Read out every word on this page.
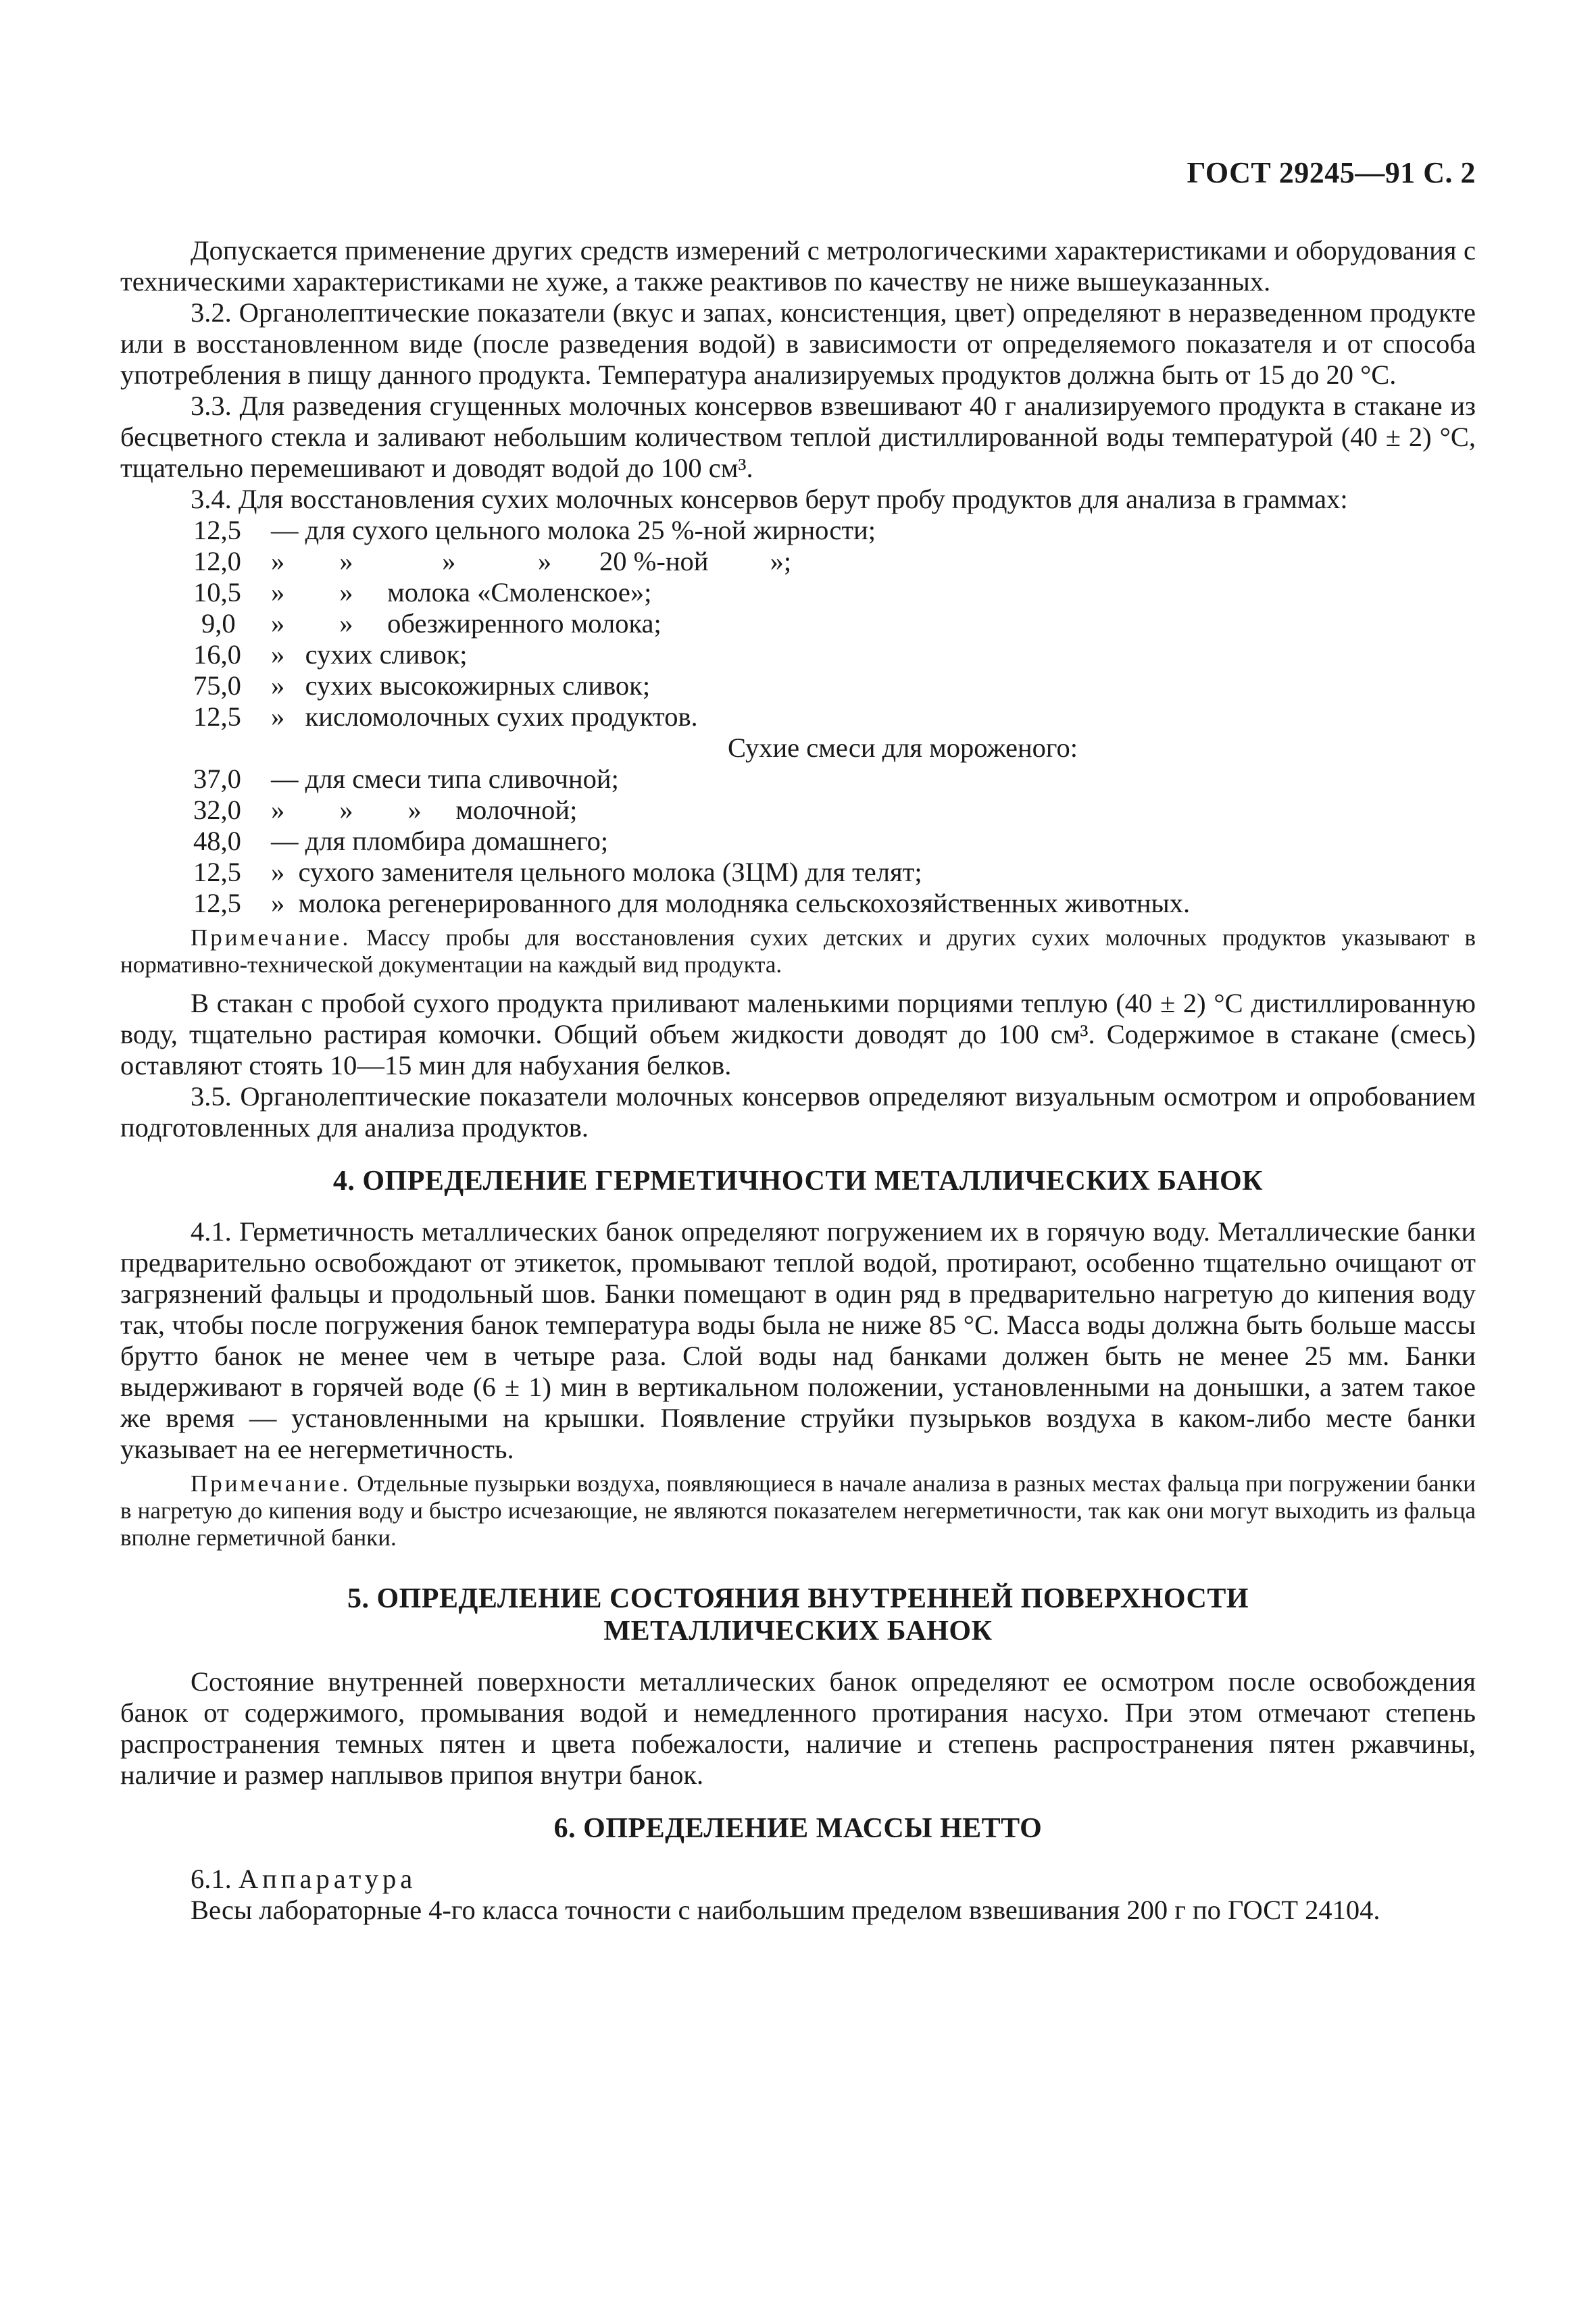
ГОСТ 29245—91 С. 2

Допускается применение других средств измерений с метрологическими характеристиками и оборудования с техническими характеристиками не хуже, а также реактивов по качеству не ниже вышеуказанных.

3.2. Органолептические показатели (вкус и запах, консистенция, цвет) определяют в неразведенном продукте или в восстановленном виде (после разведения водой) в зависимости от определяемого показателя и от способа употребления в пищу данного продукта. Температура анализируемых продуктов должна быть от 15 до 20 °С.

3.3. Для разведения сгущенных молочных консервов взвешивают 40 г анализируемого продукта в стакане из бесцветного стекла и заливают небольшим количеством теплой дистиллированной воды температурой (40 ± 2) °С, тщательно перемешивают и доводят водой до 100 см³.

3.4. Для восстановления сухих молочных консервов берут пробу продуктов для анализа в граммах:

12,5	— для сухого цельного молока 25 %-ной жирности;
12,0	»        »             »            »       20 %-ной         »;
10,5	»        »     молока «Смоленское»;
9,0	»        »     обезжиренного молока;
16,0	»   сухих сливок;
75,0	»   сухих высокожирных сливок;
12,5	»   кисломолочных сухих продуктов.
Сухие смеси для мороженого:
37,0	— для смеси типа сливочной;
32,0	»        »        »     молочной;
48,0	— для пломбира домашнего;
12,5	»  сухого заменителя цельного молока (ЗЦМ) для телят;
12,5	»  молока регенерированного для молодняка сельскохозяйственных животных.
Примечание. Массу пробы для восстановления сухих детских и других сухих молочных продуктов указывают в нормативно-технической документации на каждый вид продукта.

В стакан с пробой сухого продукта приливают маленькими порциями теплую (40 ± 2) °С дистиллированную воду, тщательно растирая комочки. Общий объем жидкости доводят до 100 см³. Содержимое в стакане (смесь) оставляют стоять 10—15 мин для набухания белков.

3.5. Органолептические показатели молочных консервов определяют визуальным осмотром и опробованием подготовленных для анализа продуктов.

4. ОПРЕДЕЛЕНИЕ ГЕРМЕТИЧНОСТИ МЕТАЛЛИЧЕСКИХ БАНОК

4.1. Герметичность металлических банок определяют погружением их в горячую воду. Металлические банки предварительно освобождают от этикеток, промывают теплой водой, протирают, особенно тщательно очищают от загрязнений фальцы и продольный шов. Банки помещают в один ряд в предварительно нагретую до кипения воду так, чтобы после погружения банок температура воды была не ниже 85 °С. Масса воды должна быть больше массы брутто банок не менее чем в четыре раза. Слой воды над банками должен быть не менее 25 мм. Банки выдерживают в горячей воде (6 ± 1) мин в вертикальном положении, установленными на донышки, а затем такое же время — установленными на крышки. Появление струйки пузырьков воздуха в каком-либо месте банки указывает на ее негерметичность.

Примечание. Отдельные пузырьки воздуха, появляющиеся в начале анализа в разных местах фальца при погружении банки в нагретую до кипения воду и быстро исчезающие, не являются показателем негерметичности, так как они могут выходить из фальца вполне герметичной банки.
5. ОПРЕДЕЛЕНИЕ СОСТОЯНИЯ ВНУТРЕННЕЙ ПОВЕРХНОСТИ
МЕТАЛЛИЧЕСКИХ БАНОК

Состояние внутренней поверхности металлических банок определяют ее осмотром после освобождения банок от содержимого, промывания водой и немедленного протирания насухо. При этом отмечают степень распространения темных пятен и цвета побежалости, наличие и степень распространения пятен ржавчины, наличие и размер наплывов припоя внутри банок.

6. ОПРЕДЕЛЕНИЕ МАССЫ НЕТТО

6.1. Аппаратура

Весы лабораторные 4-го класса точности с наибольшим пределом взвешивания 200 г по ГОСТ 24104.
